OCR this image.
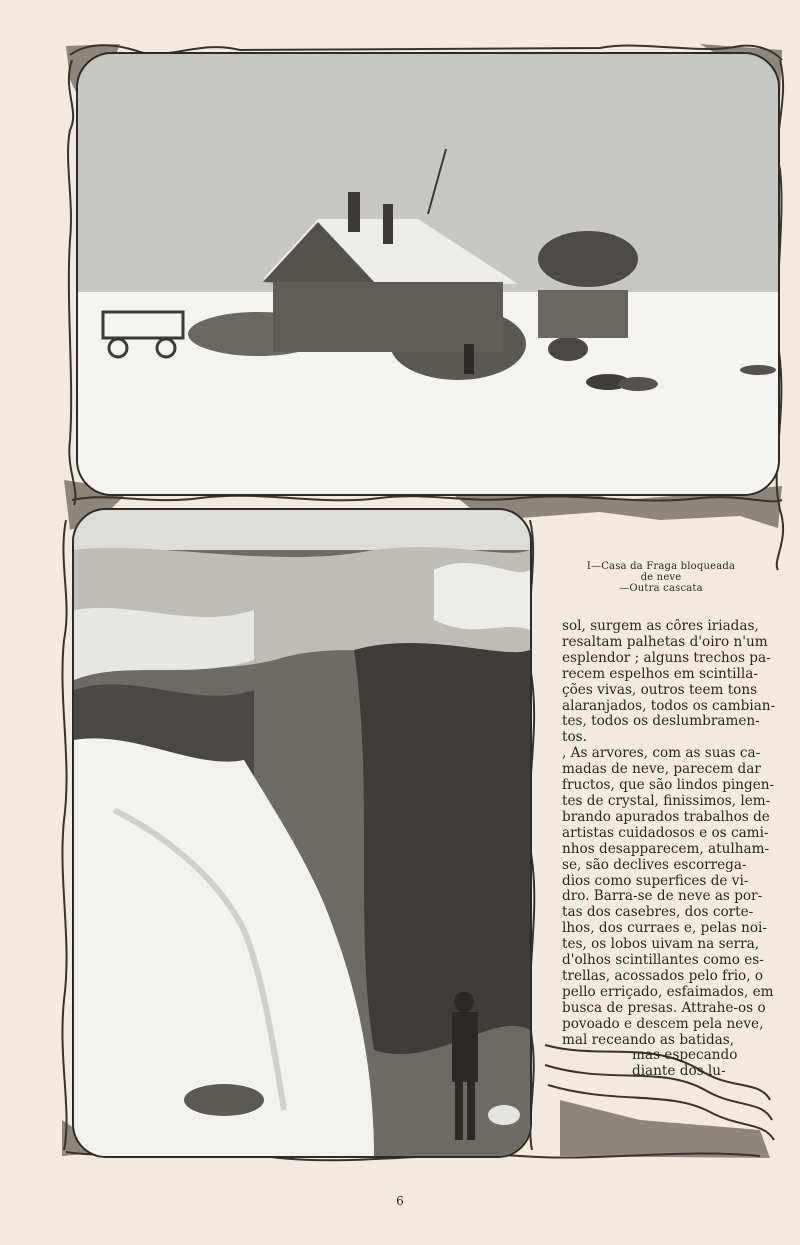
I—Casa da Fraga bloqueada
de neve
—Outra cascata
sol, surgem as côres iriadas,
resaltam palhetas d'oiro n'um
esplendor ; alguns trechos pa-
recem espelhos em scintilla-
ções vivas, outros teem tons
alaranjados, todos os cambian-
tes, todos os deslumbramen-
tos.
, As arvores, com as suas ca-
madas de neve, parecem dar
fructos, que são lindos pingen-
tes de crystal, finissimos, lem-
brando apurados trabalhos de
artistas cuidadosos e os cami-
nhos desapparecem, atulham-
se, são declives escorrega-
dios como superfices de vi-
dro. Barra-se de neve as por-
tas dos casebres, dos corte-
lhos, dos curraes e, pelas noi-
tes, os lobos uivam na serra,
d'olhos scintillantes como es-
trellas, acossados pelo frio, o
pello erriçado, esfaimados, em
busca de presas. Attrahe-os o
povoado e descem pela neve,
mal receando as batidas,
mas especando
diante dos lu-
6
